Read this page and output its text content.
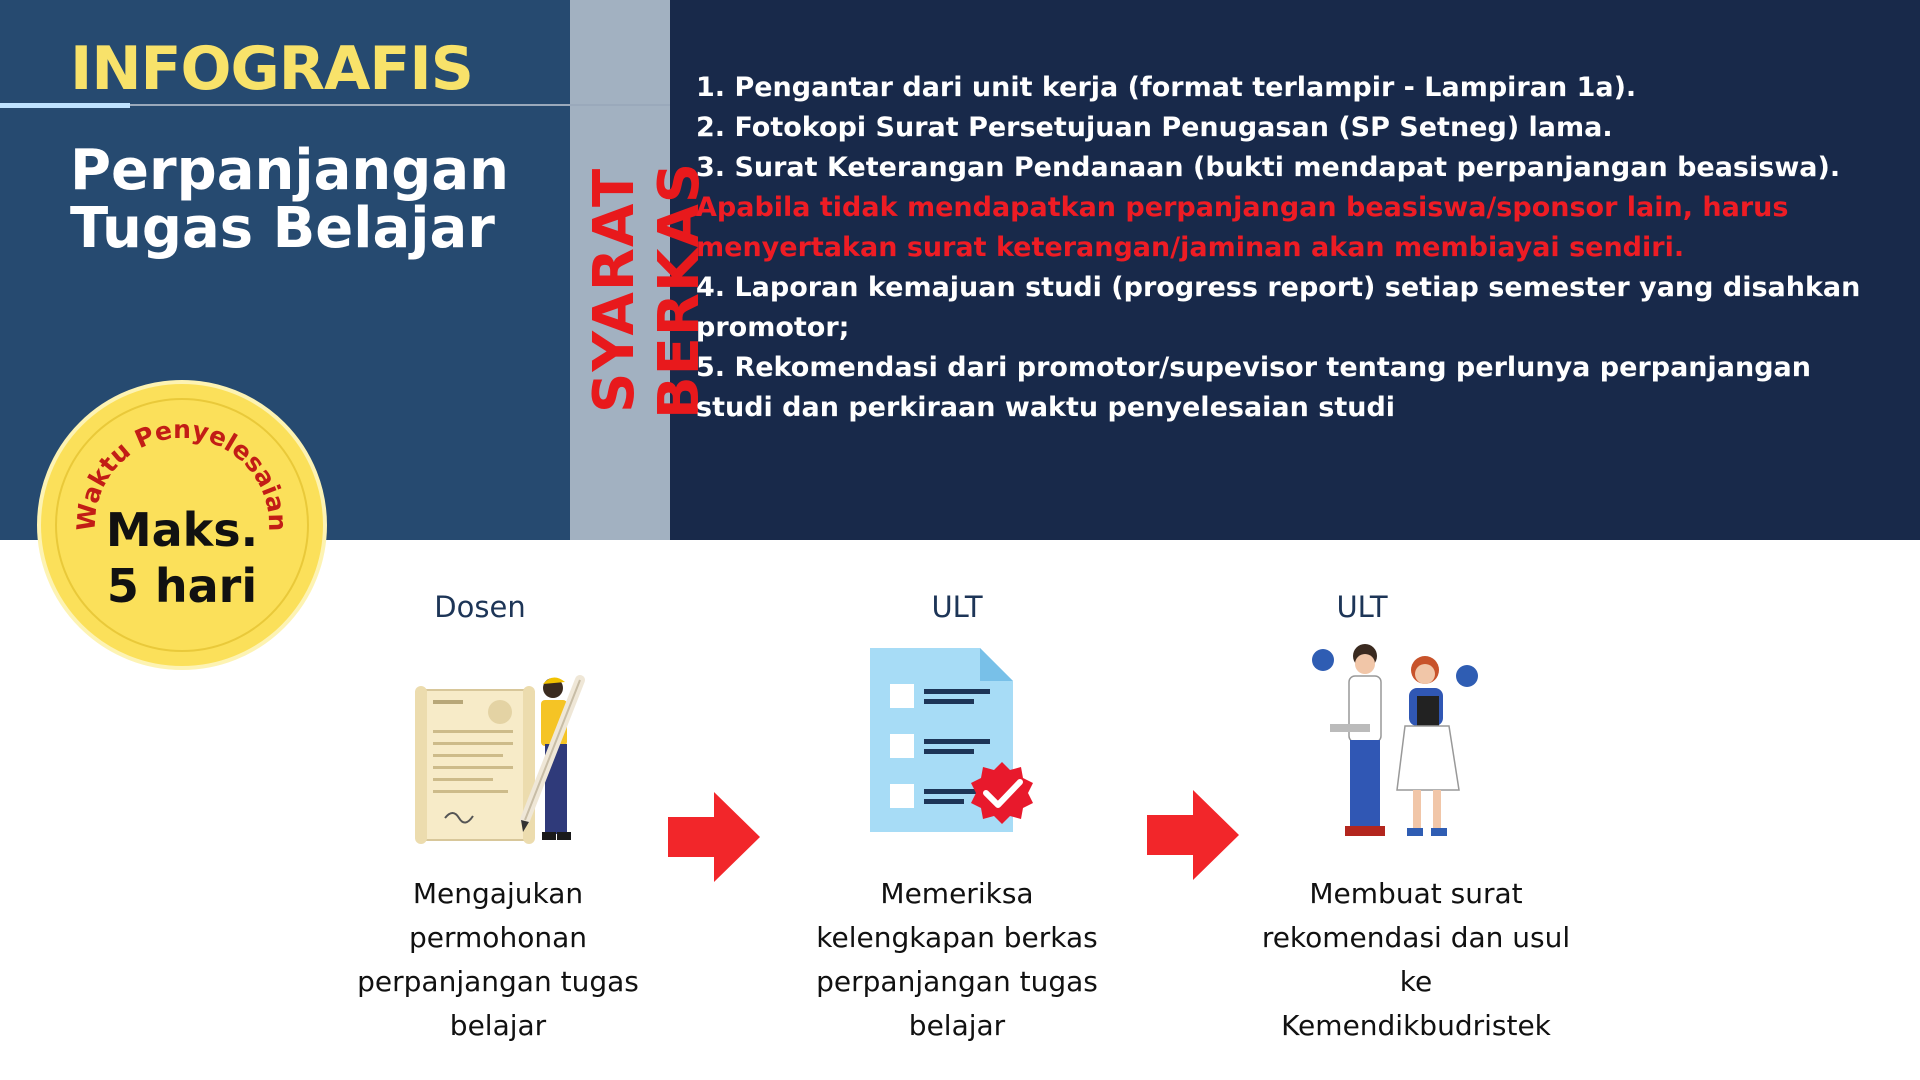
INFOGRAFIS
Perpanjangan
Tugas Belajar	SYARAT BERKAS

1. Pengantar dari unit kerja (format terlampir - Lampiran 1a).

2. Fotokopi Surat Persetujuan Penugasan (SP Setneg) lama.

3. Surat Keterangan Pendanaan (bukti mendapat perpanjangan beasiswa).

Apabila tidak mendapatkan perpanjangan beasiswa/sponsor lain, harus menyertakan surat keterangan/jaminan akan membiayai sendiri.

4. Laporan kemajuan studi (progress report) setiap semester yang disahkan promotor;

5. Rekomendasi dari promotor/supevisor tentang perlunya perpanjangan studi dan perkiraan waktu penyelesaian studi

Waktu Penyelesaian
Maks.
5 hari	Dosen
Mengajukan
permohonan
perpanjangan tugas
belajar
ULT
Memeriksa
kelengkapan berkas
perpanjangan tugas
belajar
ULT
Membuat surat
rekomendasi dan usul ke
Kemendikbudristek
